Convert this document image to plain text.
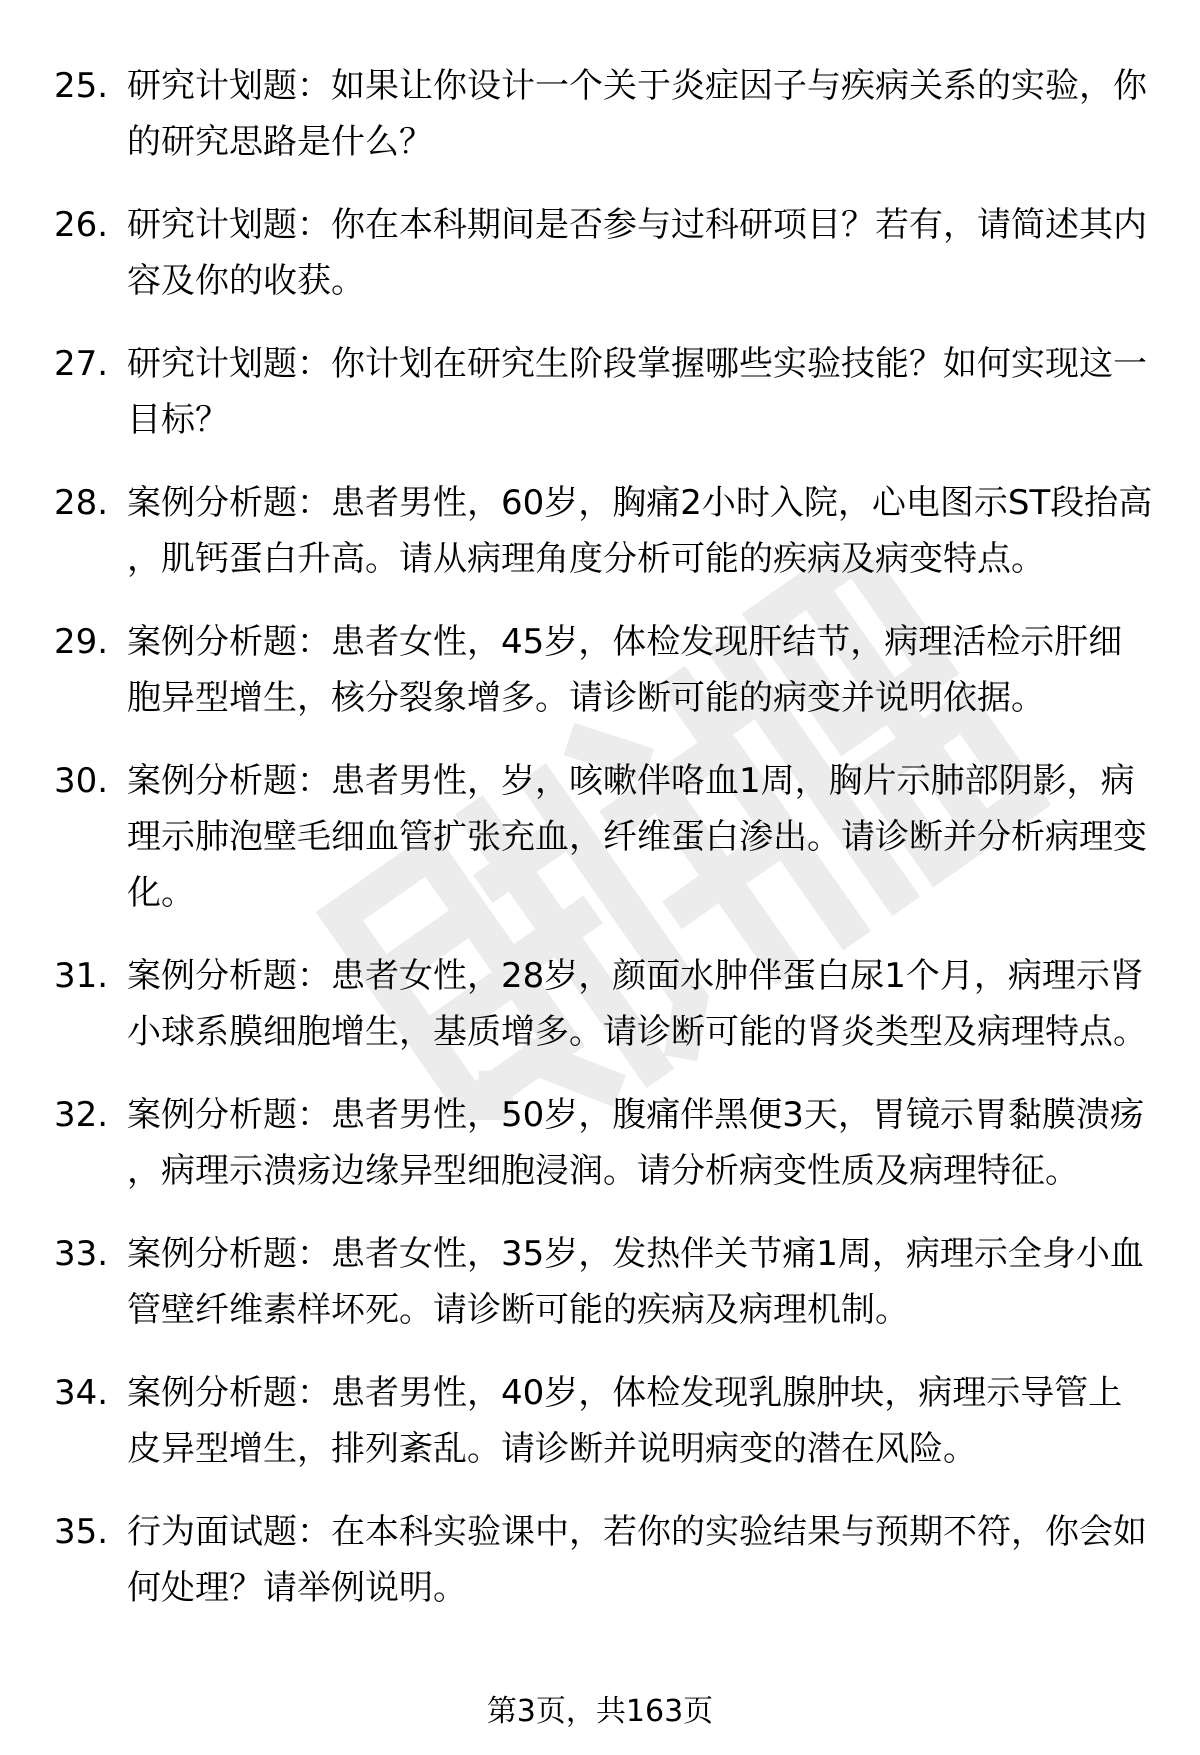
25. 研究计划题：如果让你设计一个关于炎症因子与疾病关系的实验，你的研究思路是什么？
26. 研究计划题：你在本科期间是否参与过科研项目？若有，请简述其内容及你的收获。
27. 研究计划题：你计划在研究生阶段掌握哪些实验技能？如何实现这一目标？
28. 案例分析题：患者男性，60岁，胸痛2小时入院，心电图示ST段抬高，肌钙蛋白升高。请从病理角度分析可能的疾病及病变特点。
29. 案例分析题：患者女性，45岁，体检发现肝结节，病理活检示肝细胞异型增生，核分裂象增多。请诊断可能的病变并说明依据。
30. 案例分析题：患者男性，岁，咳嗽伴咯血1周，胸片示肺部阴影，病理示肺泡壁毛细血管扩张充血，纤维蛋白渗出。请诊断并分析病理变化。
31. 案例分析题：患者女性，28岁，颜面水肿伴蛋白尿1个月，病理示肾小球系膜细胞增生，基质增多。请诊断可能的肾炎类型及病理特点。
32. 案例分析题：患者男性，50岁，腹痛伴黑便3天，胃镜示胃黏膜溃疡，病理示溃疡边缘异型细胞浸润。请分析病变性质及病理特征。
33. 案例分析题：患者女性，35岁，发热伴关节痛1周，病理示全身小血管壁纤维素样坏死。请诊断可能的疾病及病理机制。
34. 案例分析题：患者男性，40岁，体检发现乳腺肿块，病理示导管上皮异型增生，排列紊乱。请诊断并说明病变的潜在风险。
35. 行为面试题：在本科实验课中，若你的实验结果与预期不符，你会如何处理？请举例说明。
第3页，共163页
